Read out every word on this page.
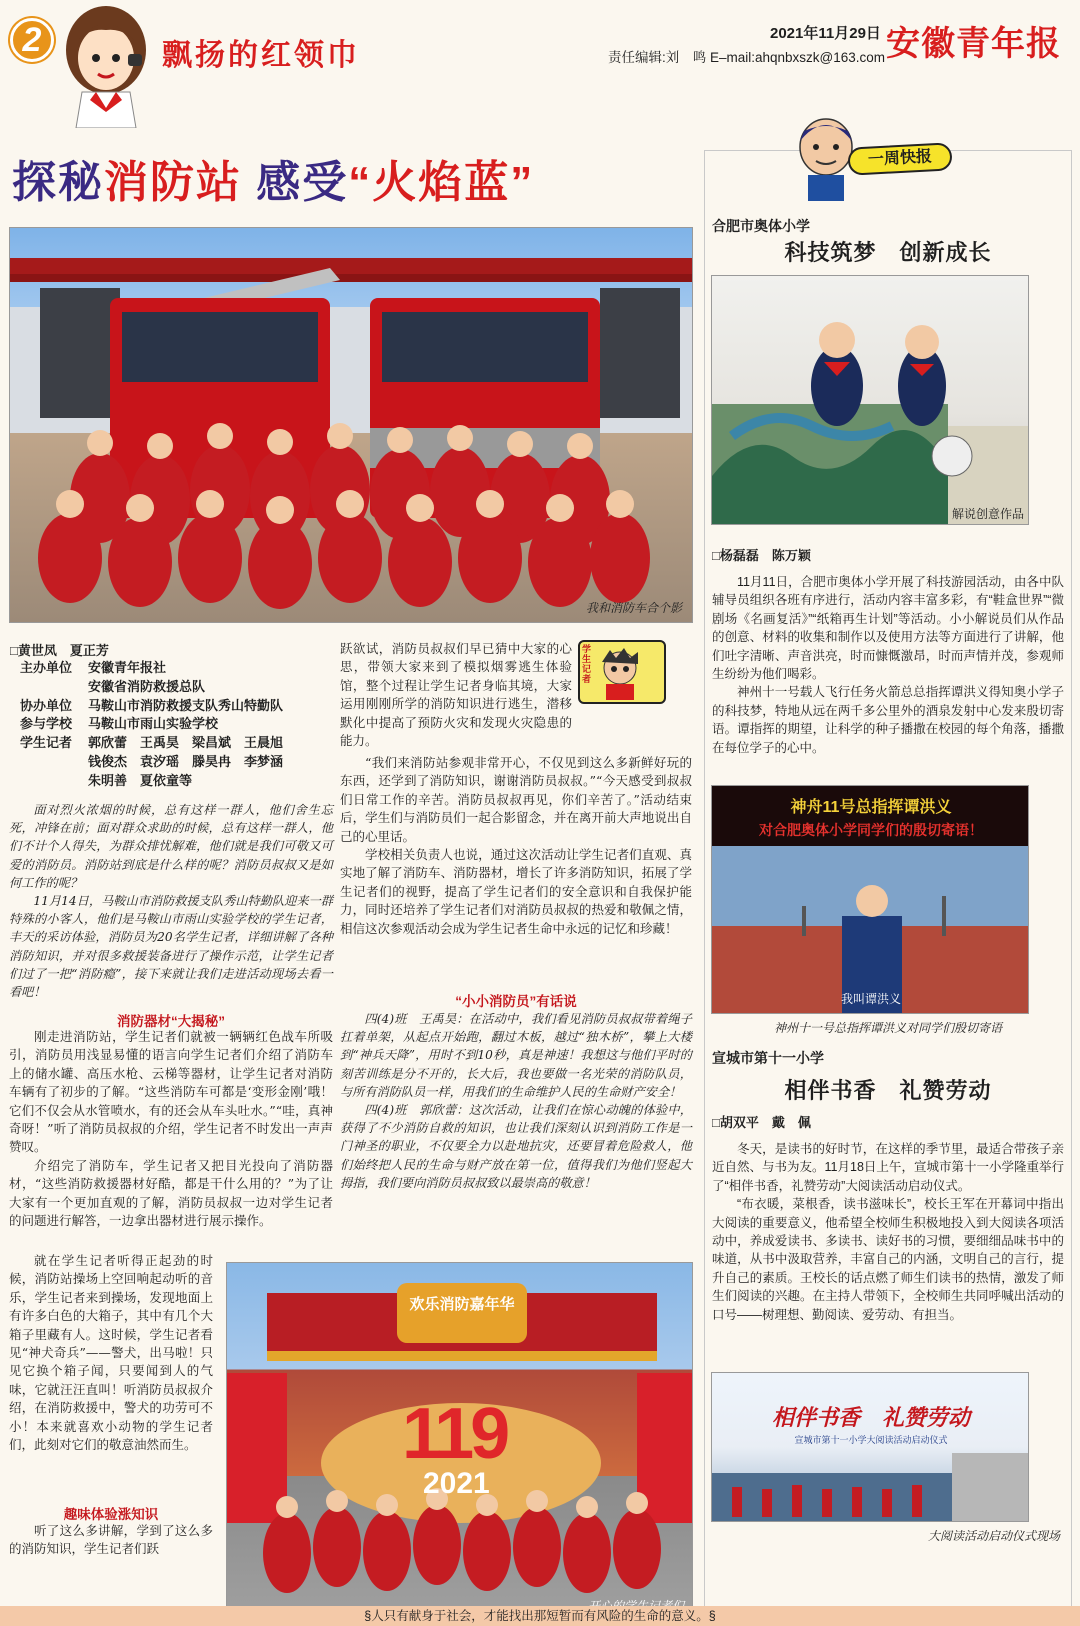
2	飘扬的红领巾
2021年11月29日
责任编辑:刘　鸣 E–mail:ahqnbxszk@163.com 安徽青年报
探秘消防站 感受“火焰蓝”
我和消防车合个影
□黄世凤　夏正芳
主办单位 安徽青年报社
安徽省消防救援总队
协办单位 马鞍山市消防救援支队秀山特勤队
参与学校 马鞍山市雨山实验学校
学生记者 郭欣蕾　王禹昊　梁昌斌　王晨旭
钱俊杰　袁汐瑶　滕昊冉　李梦涵
朱明善　夏依童等

面对烈火浓烟的时候，总有这样一群人，他们舍生忘死，冲锋在前；面对群众求助的时候，总有这样一群人，他们不计个人得失，为群众排忧解难，他们就是我们可敬又可爱的消防员。消防站到底是什么样的呢？消防员叔叔又是如何工作的呢？

11月14日，马鞍山市消防救援支队秀山特勤队迎来一群特殊的小客人，他们是马鞍山市雨山实验学校的学生记者，丰天的采访体验，消防员为20名学生记者，详细讲解了各种消防知识，并对很多救援装备进行了操作示范，让学生记者们过了一把“消防瘾”，接下来就让我们走进活动现场去看一看吧！

消防器材“大揭秘”

刚走进消防站，学生记者们就被一辆辆红色战车所吸引，消防员用浅显易懂的语言向学生记者们介绍了消防车上的储水罐、高压水枪、云梯等器材，让学生记者对消防车辆有了初步的了解。“这些消防车可都是‘变形金刚’哦！它们不仅会从水管喷水，有的还会从车头吐水。”“哇，真神奇呀！”听了消防员叔叔的介绍，学生记者不时发出一声声赞叹。

介绍完了消防车，学生记者又把目光投向了消防器材，“这些消防救援器材好酷，都是干什么用的？”为了让大家有一个更加直观的了解，消防员叔叔一边对学生记者的问题进行解答，一边拿出器材进行展示操作。

就在学生记者听得正起劲的时候，消防站操场上空回响起动听的音乐，学生记者来到操场，发现地面上有许多白色的大箱子，其中有几个大箱子里藏有人。这时候，学生记者看见“神犬奇兵”——警犬，出马啦！只见它换个箱子闻，只要闻到人的气味，它就汪汪直叫！听消防员叔叔介绍，在消防救援中，警犬的功劳可不小！本来就喜欢小动物的学生记者们，此刻对它们的敬意油然而生。

趣味体验涨知识

听了这么多讲解，学到了这么多的消防知识，学生记者们跃

学生记者
跃欲试，消防员叔叔们早已猜中大家的心思，带领大家来到了模拟烟雾逃生体验馆，整个过程让学生记者身临其境，大家运用刚刚所学的消防知识进行逃生，潜移默化中提高了预防火灾和发现火灾隐患的能力。

“我们来消防站参观非常开心，不仅见到这么多新鲜好玩的东西，还学到了消防知识，谢谢消防员叔叔。”“今天感受到叔叔们日常工作的辛苦。消防员叔叔再见，你们辛苦了。”活动结束后，学生们与消防员们一起合影留念，并在离开前大声地说出自己的心里话。

学校相关负责人也说，通过这次活动让学生记者们直观、真实地了解了消防车、消防器材，增长了许多消防知识，拓展了学生记者们的视野，提高了学生记者们的安全意识和自我保护能力，同时还培养了学生记者们对消防员叔叔的热爱和敬佩之情，相信这次参观活动会成为学生记者生命中永远的记忆和珍藏！

“小小消防员”有话说

四(4)班　王禹昊：在活动中，我们看见消防员叔叔带着绳子扛着单架，从起点开始跑，翻过木板，越过“独木桥”，攀上大楼到“神兵天降”，用时不到10秒，真是神速！我想这与他们平时的刻苦训练是分不开的，长大后，我也要做一名光荣的消防队员，与所有消防队员一样，用我们的生命维护人民的生命财产安全！

四(4)班　郭欣蕾：这次活动，让我们在惊心动魄的体验中，获得了不少消防自救的知识，也让我们深刻认识到消防工作是一门神圣的职业，不仅要全力以赴地抗灾，还要冒着危险救人，他们始终把人民的生命与财产放在第一位，值得我们为他们竖起大拇指，我们要向消防员叔叔致以最崇高的敬意！

欢乐消防嘉年华
119
2021
一周快报
合肥市奥体小学
科技筑梦　创新成长
解说创意作品
□杨磊磊　陈万颖

11月11日，合肥市奥体小学开展了科技游园活动，由各中队辅导员组织各班有序进行，活动内容丰富多彩，有“鞋盒世界”“微剧场《名画复活》”“纸箱再生计划”等活动。小小解说员们从作品的创意、材料的收集和制作以及使用方法等方面进行了讲解，他们吐字清晰、声音洪亮，时而慷慨激昂，时而声情并茂，参观师生纷纷为他们喝彩。

神州十一号载人飞行任务火箭总总指挥谭洪义得知奥小学子的科技梦，特地从远在两千多公里外的酒泉发射中心发来殷切寄语。谭指挥的期望，让科学的种子播撒在校园的每个角落，播撒在每位学子的心中。

神舟11号总指挥谭洪义
对合肥奥体小学同学们的殷切寄语！
我叫谭洪义
神州十一号总指挥谭洪义对同学们殷切寄语
宣城市第十一小学
相伴书香　礼赞劳动
□胡双平　戴　佩

冬天，是读书的好时节，在这样的季节里，最适合带孩子亲近自然、与书为友。11月18日上午，宣城市第十一小学隆重举行了“相伴书香，礼赞劳动”大阅读活动启动仪式。

“布衣暖，菜根香，读书滋味长”，校长王军在开幕词中指出大阅读的重要意义，他希望全校师生积极地投入到大阅读各项活动中，养成爱读书、多读书、读好书的习惯，要细细品味书中的味道，从书中汲取营养，丰富自己的内涵，文明自己的言行，提升自己的素质。王校长的话点燃了师生们读书的热情，激发了师生们阅读的兴趣。在主持人带领下，全校师生共同呼喊出活动的口号——树理想、勤阅读、爱劳动、有担当。

相伴书香　礼赞劳动
宣城市第十一小学大阅读活动启动仪式
大阅读活动启动仪式现场
§人只有献身于社会，才能找出那短暂而有风险的生命的意义。§
